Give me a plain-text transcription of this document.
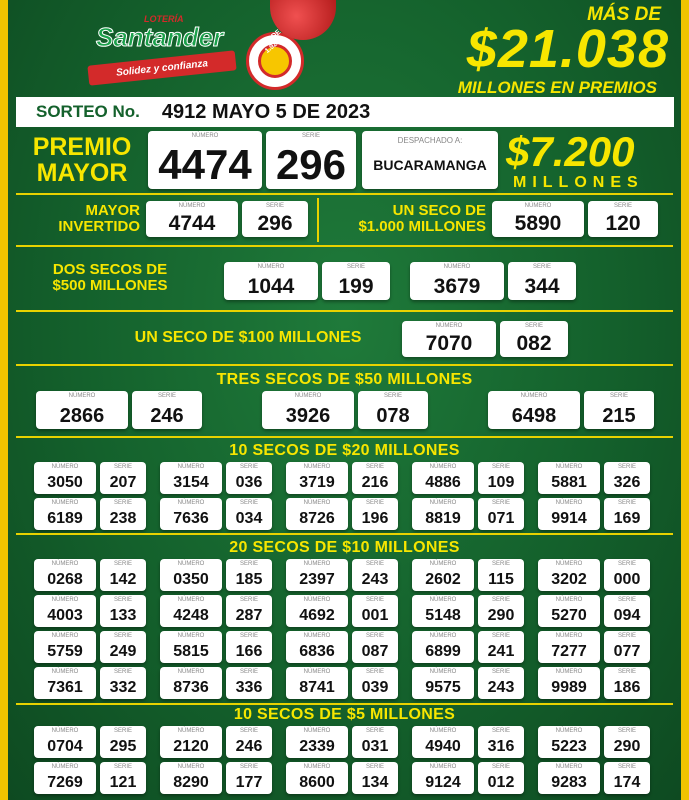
LOTERÍA
Santander
Solidez y confianza
DESDE 1.920
MÁS DE
$21.038
MILLONES EN PREMIOS
SORTEO No. 4912 MAYO 5 DE 2023
PREMIO
MAYOR
NÚMERO
4474
SERIE
296
DESPACHADO A:
BUCARAMANGA $7.200
MILLONES
MAYOR
INVERTIDO
NÚMERO
4744
SERIE
296
UN SECO DE
$1.000 MILLONES
NÚMERO
5890
SERIE
120
DOS SECOS DE
$500 MILLONES
NÚMERO
1044
SERIE
199
NÚMERO
3679
SERIE
344
UN SECO DE $100 MILLONES
NÚMERO
7070
SERIE
082
TRES SECOS DE $50 MILLONES
NÚMERO
2866
SERIE
246
NÚMERO
3926
SERIE
078
NÚMERO
6498
SERIE
215
10 SECOS DE $20 MILLONES
NÚMERO
3050
SERIE
207
NÚMERO
3154
SERIE
036
NÚMERO
3719
SERIE
216
NÚMERO
4886
SERIE
109
NÚMERO
5881
SERIE
326
NÚMERO
6189
SERIE
238
NÚMERO
7636
SERIE
034
NÚMERO
8726
SERIE
196
NÚMERO
8819
SERIE
071
NÚMERO
9914
SERIE
169
20 SECOS DE $10 MILLONES
NÚMERO
0268
SERIE
142
NÚMERO
0350
SERIE
185
NÚMERO
2397
SERIE
243
NÚMERO
2602
SERIE
115
NÚMERO
3202
SERIE
000
NÚMERO
4003
SERIE
133
NÚMERO
4248
SERIE
287
NÚMERO
4692
SERIE
001
NÚMERO
5148
SERIE
290
NÚMERO
5270
SERIE
094
NÚMERO
5759
SERIE
249
NÚMERO
5815
SERIE
166
NÚMERO
6836
SERIE
087
NÚMERO
6899
SERIE
241
NÚMERO
7277
SERIE
077
NÚMERO
7361
SERIE
332
NÚMERO
8736
SERIE
336
NÚMERO
8741
SERIE
039
NÚMERO
9575
SERIE
243
NÚMERO
9989
SERIE
186
10 SECOS DE $5 MILLONES
NÚMERO
0704
SERIE
295
NÚMERO
2120
SERIE
246
NÚMERO
2339
SERIE
031
NÚMERO
4940
SERIE
316
NÚMERO
5223
SERIE
290
NÚMERO
7269
SERIE
121
NÚMERO
8290
SERIE
177
NÚMERO
8600
SERIE
134
NÚMERO
9124
SERIE
012
NÚMERO
9283
SERIE
174
